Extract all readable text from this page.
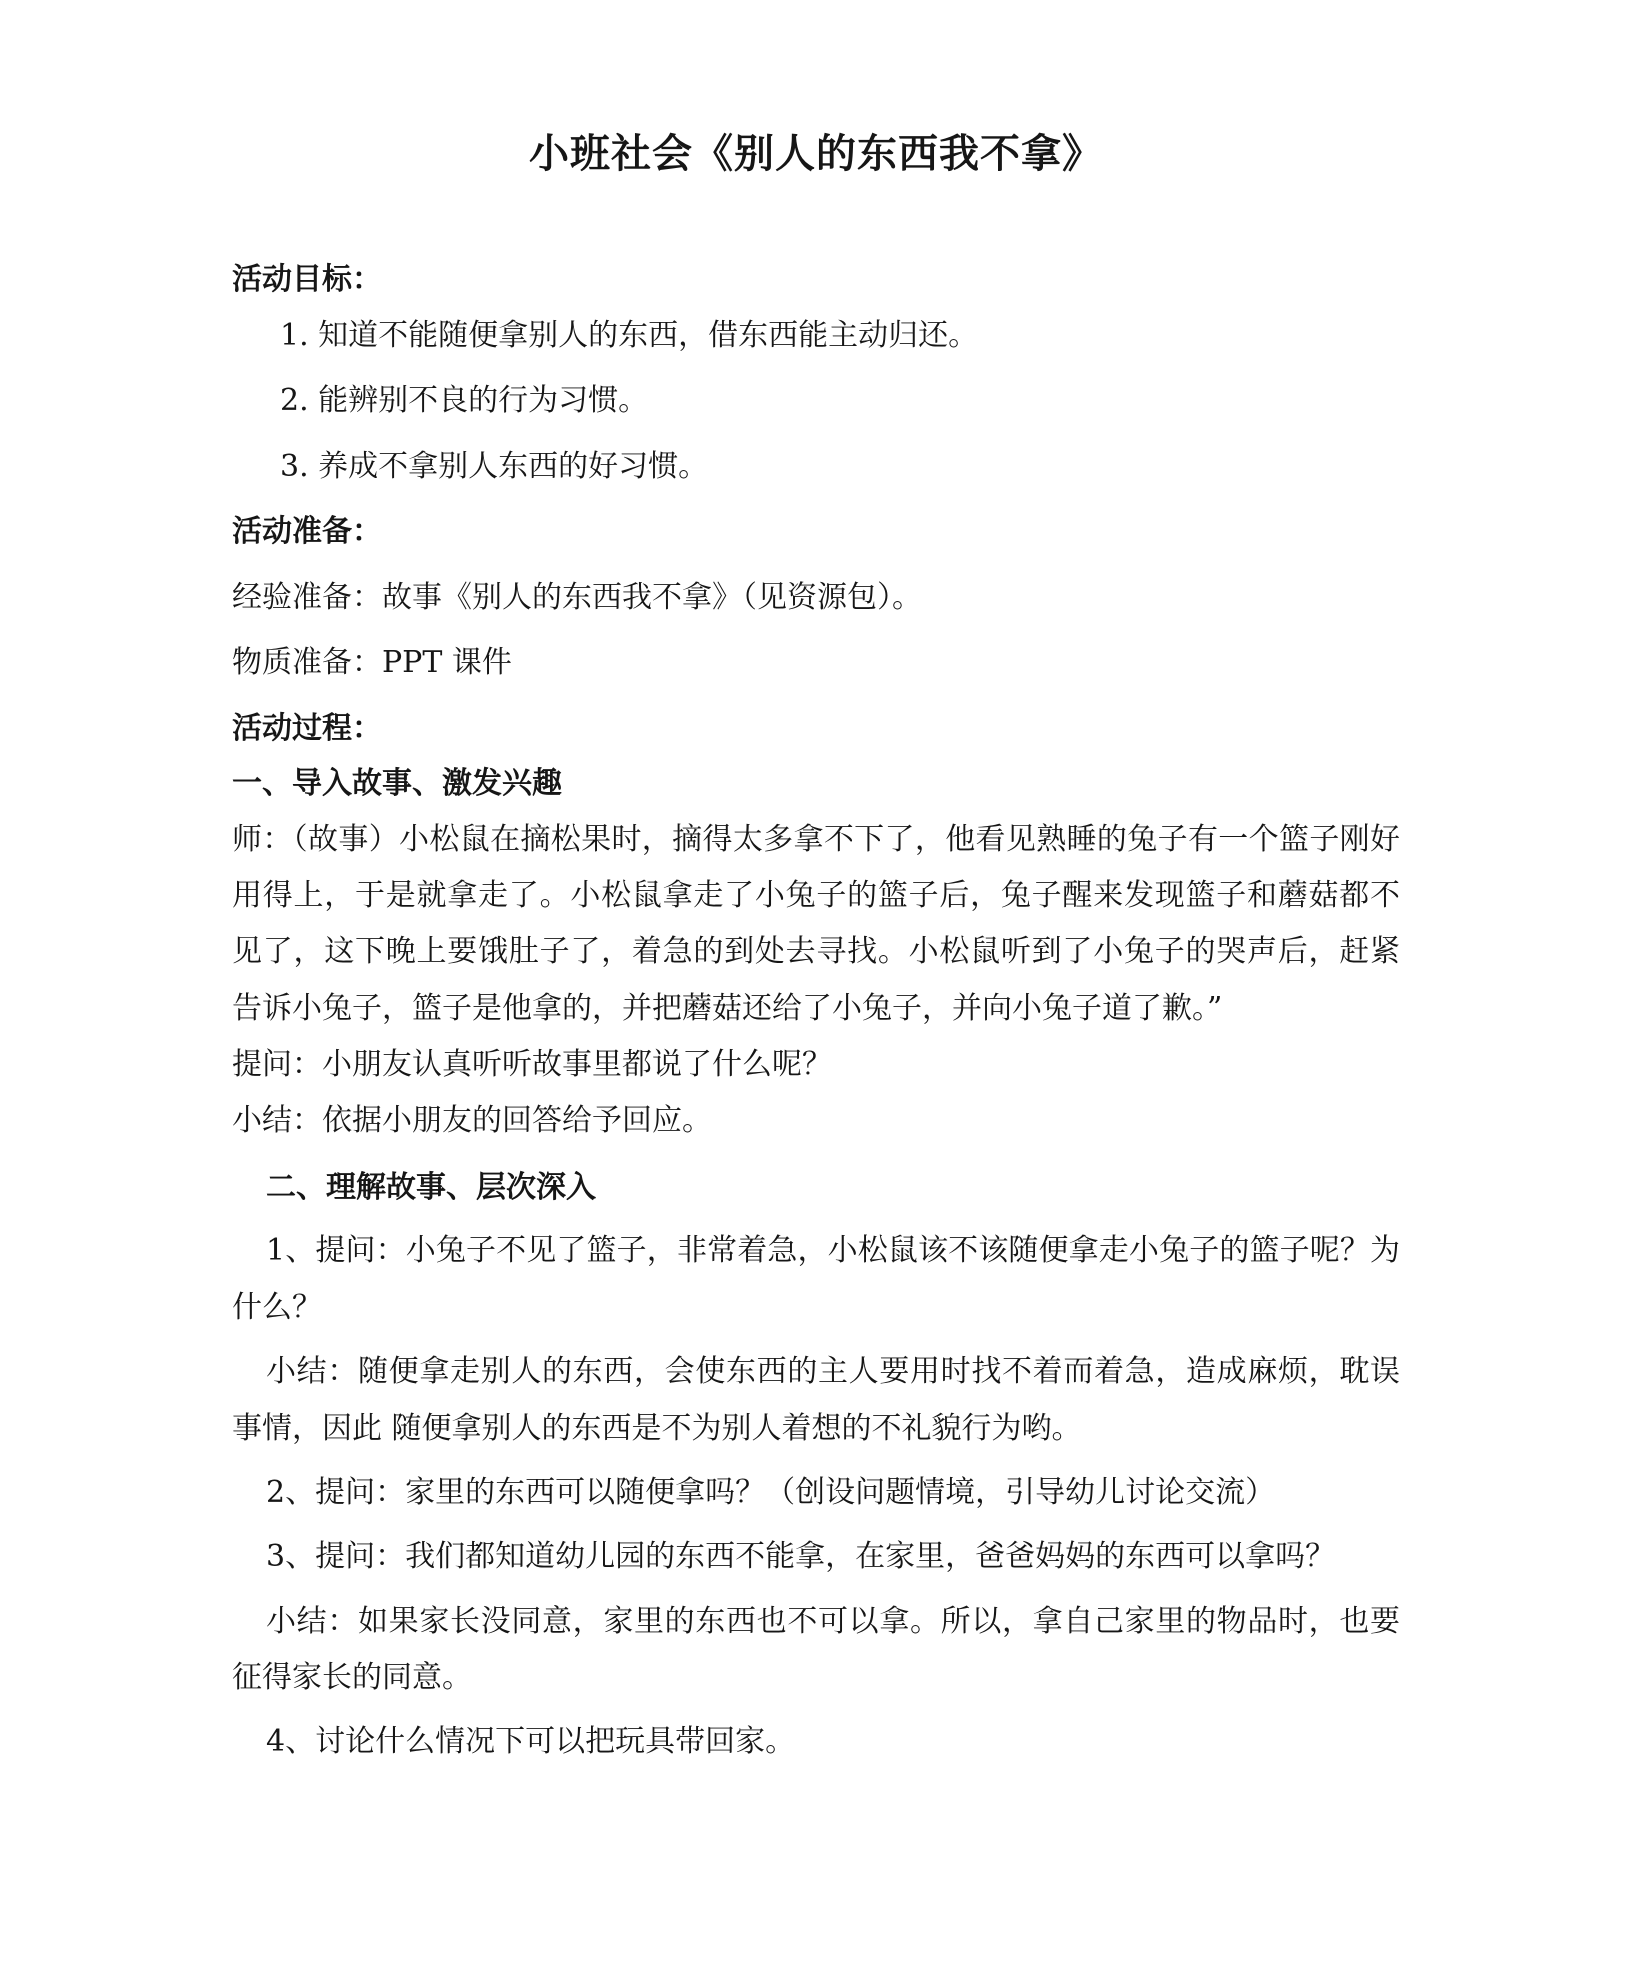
小班社会《别人的东西我不拿》

活动目标：

1. 知道不能随便拿别人的东西，借东西能主动归还。

2. 能辨别不良的行为习惯。

3. 养成不拿别人东西的好习惯。

活动准备：

经验准备：故事《别人的东西我不拿》（见资源包）。

物质准备：PPT 课件

活动过程：

一、导入故事、激发兴趣

师：（故事）小松鼠在摘松果时，摘得太多拿不下了，他看见熟睡的兔子有一个篮子刚好用得上，于是就拿走了。小松鼠拿走了小兔子的篮子后，兔子醒来发现篮子和蘑菇都不见了，这下晚上要饿肚子了，着急的到处去寻找。小松鼠听到了小兔子的哭声后，赶紧告诉小兔子，篮子是他拿的，并把蘑菇还给了小兔子，并向小兔子道了歉。”

提问：小朋友认真听听故事里都说了什么呢？

小结：依据小朋友的回答给予回应。

二、理解故事、层次深入

1、提问：小兔子不见了篮子，非常着急，小松鼠该不该随便拿走小兔子的篮子呢？为什么？

小结：随便拿走别人的东西，会使东西的主人要用时找不着而着急，造成麻烦，耽误事情，因此 随便拿别人的东西是不为别人着想的不礼貌行为哟。

2、提问：家里的东西可以随便拿吗？（创设问题情境，引导幼儿讨论交流）

3、提问：我们都知道幼儿园的东西不能拿，在家里，爸爸妈妈的东西可以拿吗？

小结：如果家长没同意，家里的东西也不可以拿。所以，拿自己家里的物品时，也要征得家长的同意。

4、讨论什么情况下可以把玩具带回家。
